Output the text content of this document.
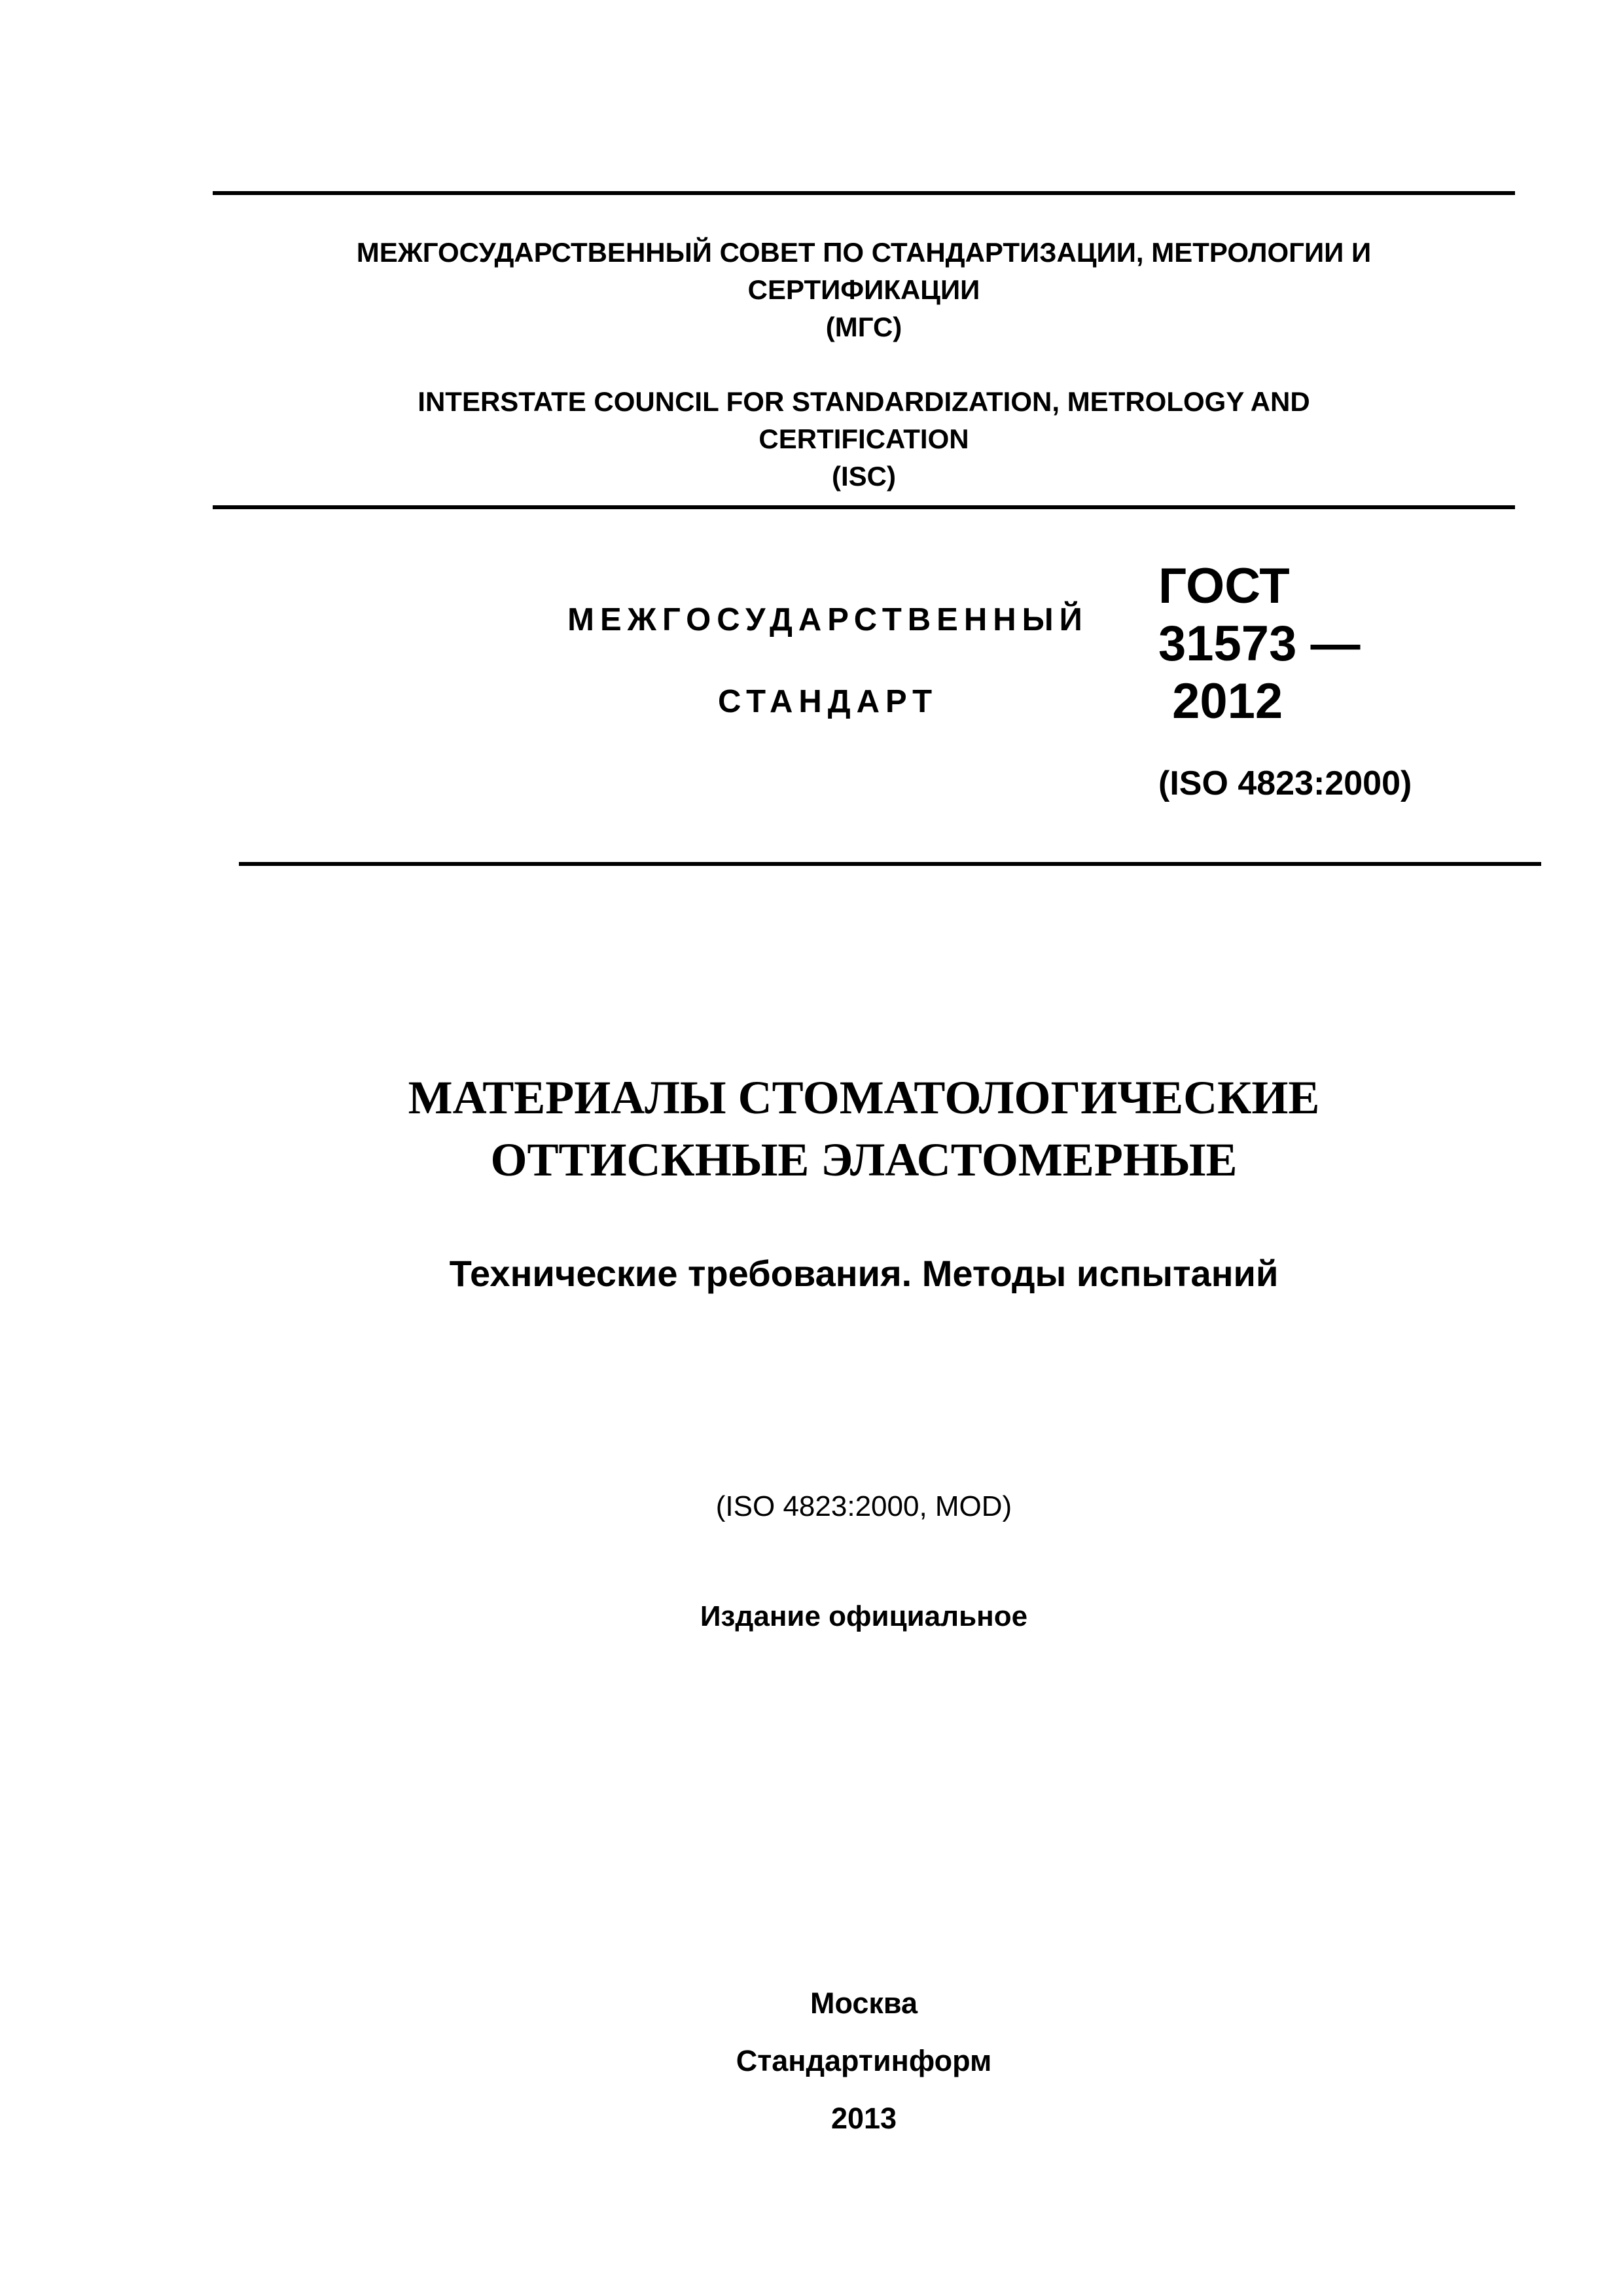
МЕЖГОСУДАРСТВЕННЫЙ СОВЕТ ПО СТАНДАРТИЗАЦИИ, МЕТРОЛОГИИ И

СЕРТИФИКАЦИИ

(МГС)

INTERSTATE COUNCIL FOR STANDARDIZATION, METROLOGY AND

CERTIFICATION

(ISC)

МЕЖГОСУДАРСТВЕННЫЙ
СТАНДАРТ
ГОСТ
31573 —
2012
(ISO 4823:2000)

МАТЕРИАЛЫ СТОМАТОЛОГИЧЕСКИЕ

ОТТИСКНЫЕ ЭЛАСТОМЕРНЫЕ

Технические требования. Методы испытаний

(ISO 4823:2000, MOD)

Издание официальное

Москва

Стандартинформ

2013
